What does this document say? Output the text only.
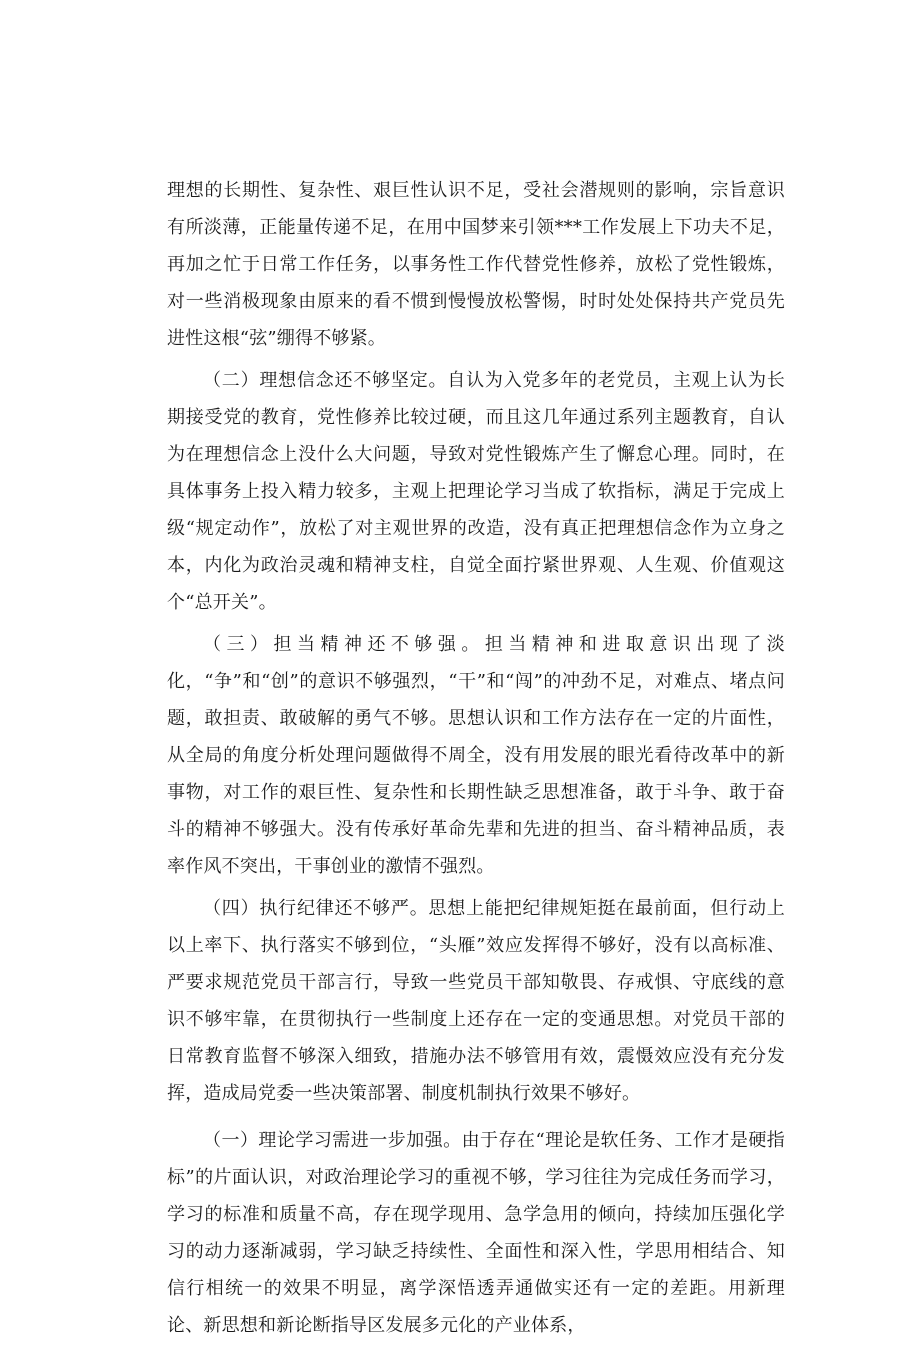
理想的长期性、复杂性、艰巨性认识不足，受社会潜规则的影响，宗旨意识有所淡薄，正能量传递不足，在用中国梦来引领***工作发展上下功夫不足，再加之忙于日常工作任务，以事务性工作代替党性修养，放松了党性锻炼，对一些消极现象由原来的看不惯到慢慢放松警惕，时时处处保持共产党员先进性这根“弦”绷得不够紧。

（二）理想信念还不够坚定。自认为入党多年的老党员，主观上认为长期接受党的教育，党性修养比较过硬，而且这几年通过系列主题教育，自认为在理想信念上没什么大问题，导致对党性锻炼产生了懈怠心理。同时，在具体事务上投入精力较多，主观上把理论学习当成了软指标，满足于完成上级“规定动作”，放松了对主观世界的改造，没有真正把理想信念作为立身之本，内化为政治灵魂和精神支柱，自觉全面拧紧世界观、人生观、价值观这个“总开关”。

（三）担当精神还不够强。担当精神和进取意识出现了淡化，“争”和“创”的意识不够强烈，“干”和“闯”的冲劲不足，对难点、堵点问题，敢担责、敢破解的勇气不够。思想认识和工作方法存在一定的片面性，从全局的角度分析处理问题做得不周全，没有用发展的眼光看待改革中的新事物，对工作的艰巨性、复杂性和长期性缺乏思想准备，敢于斗争、敢于奋斗的精神不够强大。没有传承好革命先辈和先进的担当、奋斗精神品质，表率作风不突出，干事创业的激情不强烈。

（四）执行纪律还不够严。思想上能把纪律规矩挺在最前面，但行动上以上率下、执行落实不够到位，“头雁”效应发挥得不够好，没有以高标准、严要求规范党员干部言行，导致一些党员干部知敬畏、存戒惧、守底线的意识不够牢靠，在贯彻执行一些制度上还存在一定的变通思想。对党员干部的日常教育监督不够深入细致，措施办法不够管用有效，震慑效应没有充分发挥，造成局党委一些决策部署、制度机制执行效果不够好。

（一）理论学习需进一步加强。由于存在“理论是软任务、工作才是硬指标”的片面认识，对政治理论学习的重视不够，学习往往为完成任务而学习，学习的标准和质量不高，存在现学现用、急学急用的倾向，持续加压强化学习的动力逐渐减弱，学习缺乏持续性、全面性和深入性，学思用相结合、知信行相统一的效果不明显，离学深悟透弄通做实还有一定的差距。用新理论、新思想和新论断指导区发展多元化的产业体系，
